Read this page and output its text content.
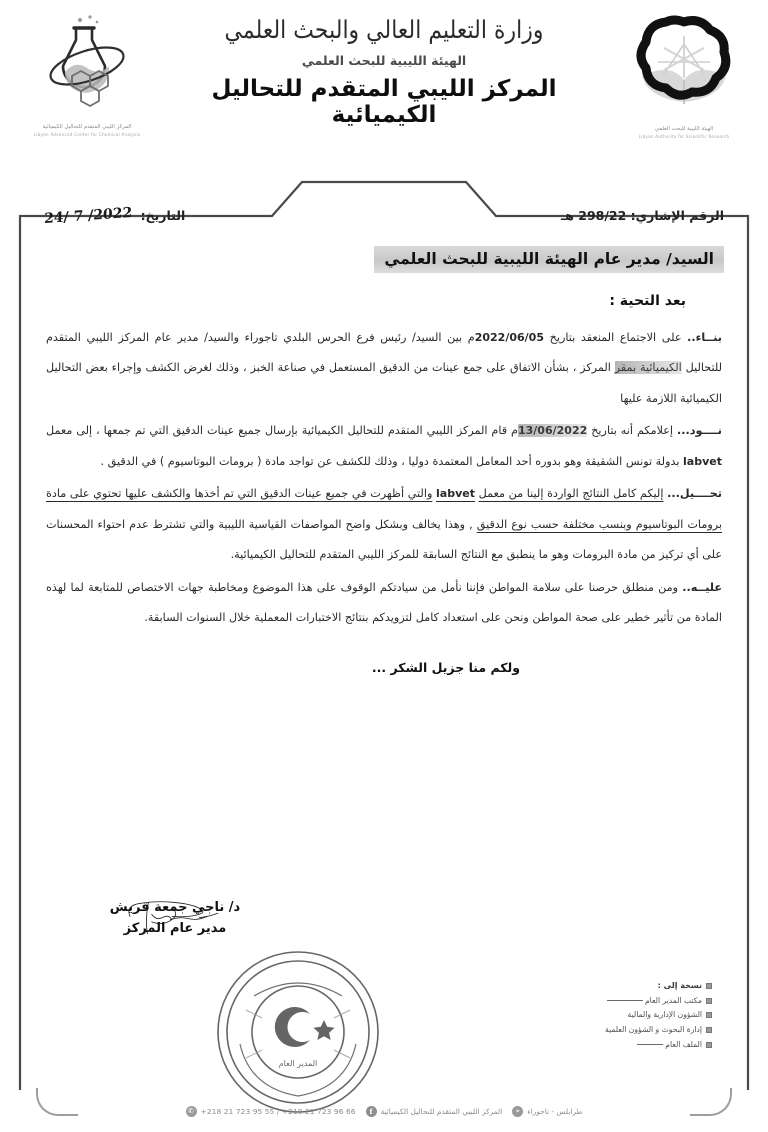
المركز الليبي المتقدم للتحاليل الكيميائية
Libyan Advanced Center for Chemical Analysis
وزارة التعليم العالي والبحث العلمي
الهيئة الليبية للبحث العلمي
المركز الليبي المتقدم للتحاليل الكيميائية
الهيئة الليبية للبحث العلمي
Libyan Authority for Scientific Research
الرقم الإشاري: 298/22 هـ
التاريخ: 2022/ 7 /24
السيد/ مدير عام الهيئة الليبية للبحث العلمي
بعد التحية :

بنــاء.. على الاجتماع المنعقد بتاريخ 2022/06/05م بين السيد/ رئيس فرع الحرس البلدي تاجوراء والسيد/ مدير عام المركز الليبي المتقدم للتحاليل الكيميائية بمقر المركز ، بشأن الاتفاق على جمع عينات من الدقيق المستعمل في صناعة الخبز ، وذلك لغرض الكشف وإجراء بعض التحاليل الكيميائية اللازمة عليها

نــــود... إعلامكم أنه بتاريخ 13/06/2022م قام المركز الليبي المتقدم للتحاليل الكيميائية بإرسال جميع عينات الدقيق التي تم جمعها ، إلى معمل labvet بدولة تونس الشقيقة وهو بدوره أحد المعامل المعتمدة دوليا ، وذلك للكشف عن تواجد مادة ( برومات البوتاسيوم ) في الدقيق .

تحــــيل... إليكم كامل النتائج الواردة إلينا من معمل labvet والتي أظهرت في جميع عينات الدقيق التي تم أخذها والكشف عليها تحتوي على مادة برومات البوتاسيوم وبنسب مختلفة حسب نوع الدقيق , وهذا يخالف وبشكل واضح المواصفات القياسية الليبية والتي تشترط عدم احتواء المحسنات على أي تركيز من مادة البرومات وهو ما ينطبق مع النتائج السابقة للمركز الليبي المتقدم للتحاليل الكيميائية.

عليــه.. ومن منطلق حرصنا على سلامة المواطن فإننا نأمل من سيادتكم الوقوف على هذا الموضوع ومخاطبة جهات الاختصاص للمتابعة لما لهذه المادة من تأثير خطير على صحة المواطن ونحن على استعداد كامل لتزويدكم بنتائج الاختبارات المعملية خلال السنوات السابقة.

ولكم منا جزيل الشكر ...
د/ ناجي جمعة قريش
مدير عام المركز
المدير العام
نسخة إلى :
مكتب المدير العام
الشؤون الإدارية والمالية
إدارة البحوث و الشؤون العلمية
الملف العام
طرابلس - تاجوراء
⌖
المركز الليبي المتقدم للتحاليل الكيميائية
f
+218 21 723 95 55 / +218 21 723 96 66
✆
